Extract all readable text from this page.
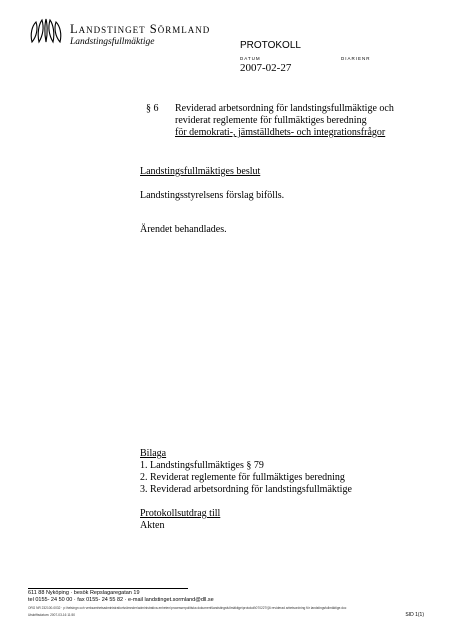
Landstinget Sörmland
Landstingsfullmäktige	PROTOKOLL
DATUM	DIARIENR
2007-02-27
§ 6 Reviderad arbetsordning för landstingsfullmäktige och
reviderat reglemente för fullmäktiges beredning
för demokrati-, jämställdhets- och integrationsfrågor
Landstingsfullmäktiges beslut
Landstingsstyrelsens förslag bifölls.
Ärendet behandlades.
Bilaga
1. Landstingsfullmäktiges § 79
2. Reviderat reglemente för fullmäktiges beredning
3. Reviderad arbetsordning för landstingsfullmäktige
Protokollsutdrag till
Akten
611 88 Nyköping · besök Repslagaregatan 19
tel 0155- 24 50 00 · fax 0155- 24 55 82 · e-mail landstinget.sormland@dll.se
ORG NR 232100-0032 · p:\helsingn och verksamhetsadministration\nämnder\administrativa-enheten\processerpolitiska dokument\landstingsfullmäktige\protokoll\070227\§6 reviderad arbetsordning för landstingsfullmäktige.doc
Utskriftsdatum: 2007-03-16 11:50	SID 1(1)
